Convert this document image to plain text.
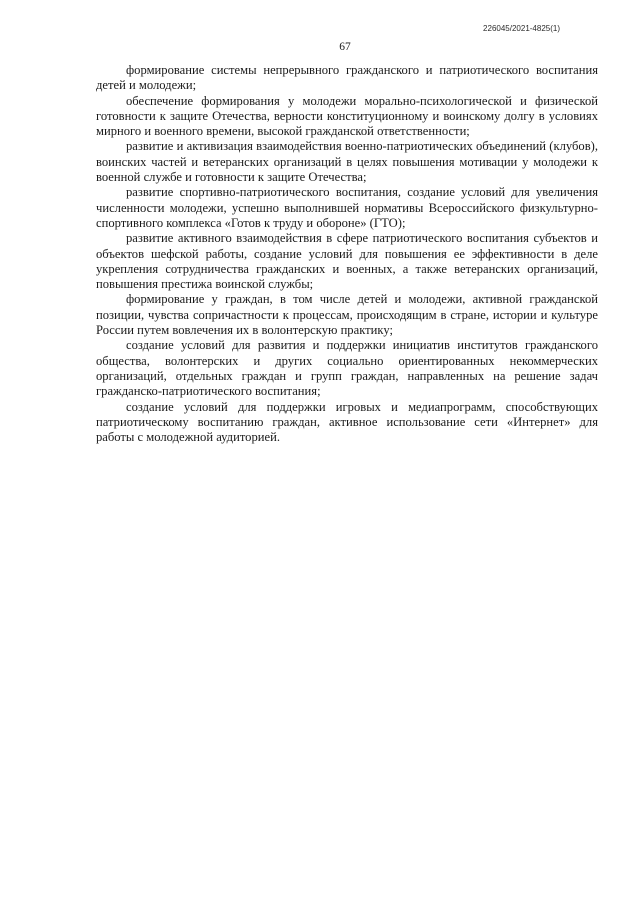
226045/2021-4825(1)
67

формирование системы непрерывного гражданского и патриотического воспитания детей и молодежи;

обеспечение формирования у молодежи морально-психологической и физической готовности к защите Отечества, верности конституционному и воинскому долгу в условиях мирного и военного времени, высокой гражданской ответственности;

развитие и активизация взаимодействия военно-патриотических объединений (клубов), воинских частей и ветеранских организаций в целях повышения мотивации у молодежи к военной службе и готовности к защите Отечества;

развитие спортивно-патриотического воспитания, создание условий для увеличения численности молодежи, успешно выполнившей нормативы Всероссийского физкультурно-спортивного комплекса «Готов к труду и обороне» (ГТО);

развитие активного взаимодействия в сфере патриотического воспитания субъектов и объектов шефской работы, создание условий для повышения ее эффективности в деле укрепления сотрудничества гражданских и военных, а также ветеранских организаций, повышения престижа воинской службы;

формирование у граждан, в том числе детей и молодежи, активной гражданской позиции, чувства сопричастности к процессам, происходящим в стране, истории и культуре России путем вовлечения их в волонтерскую практику;

создание условий для развития и поддержки инициатив институтов гражданского общества, волонтерских и других социально ориентированных некоммерческих организаций, отдельных граждан и групп граждан, направленных на решение задач гражданско-патриотического воспитания;

создание условий для поддержки игровых и медиапрограмм, способствующих патриотическому воспитанию граждан, активное использование сети «Интернет» для работы с молодежной аудиторией.
